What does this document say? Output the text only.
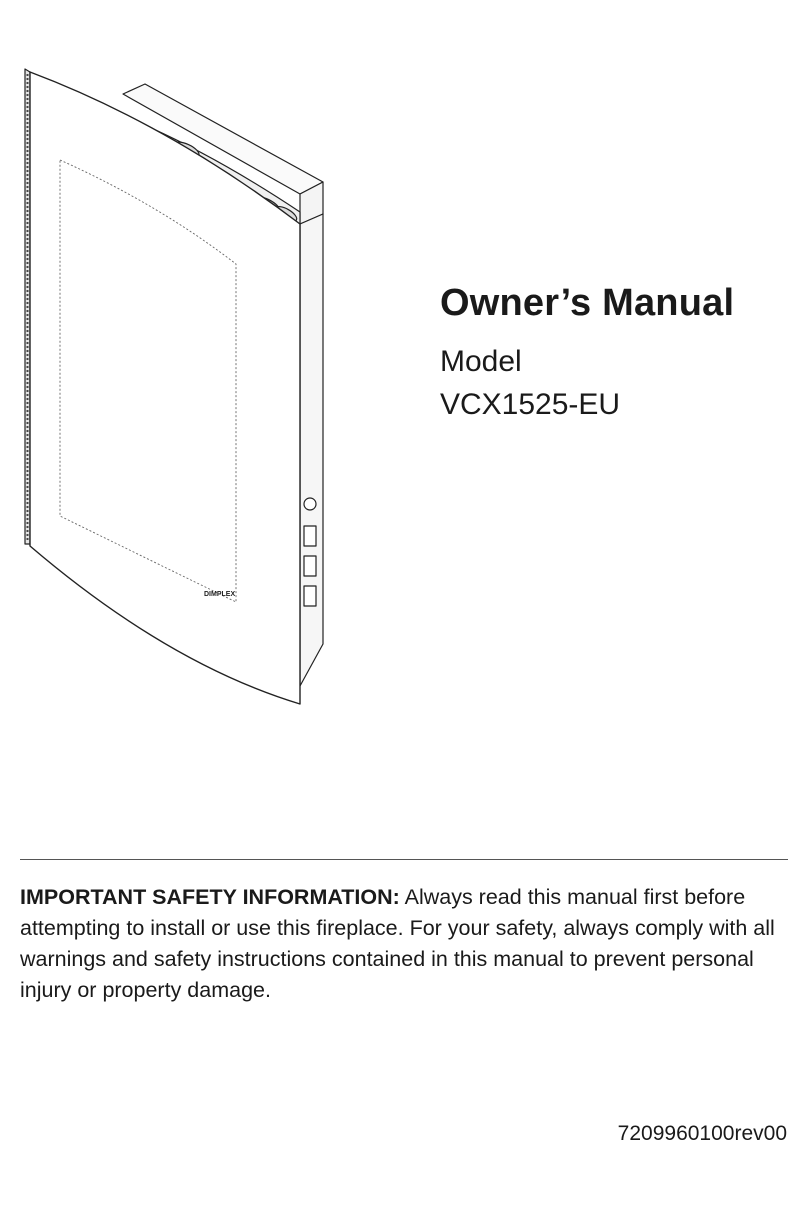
DIMPLEX
Owner’s Manual
Model
VCX1525-EU

IMPORTANT SAFETY INFORMATION: Always read this manual first before attempting to install or use this fireplace. For your safety, always comply with all warnings and safety instructions contained in this manual to prevent personal injury or property damage.

7209960100rev00
